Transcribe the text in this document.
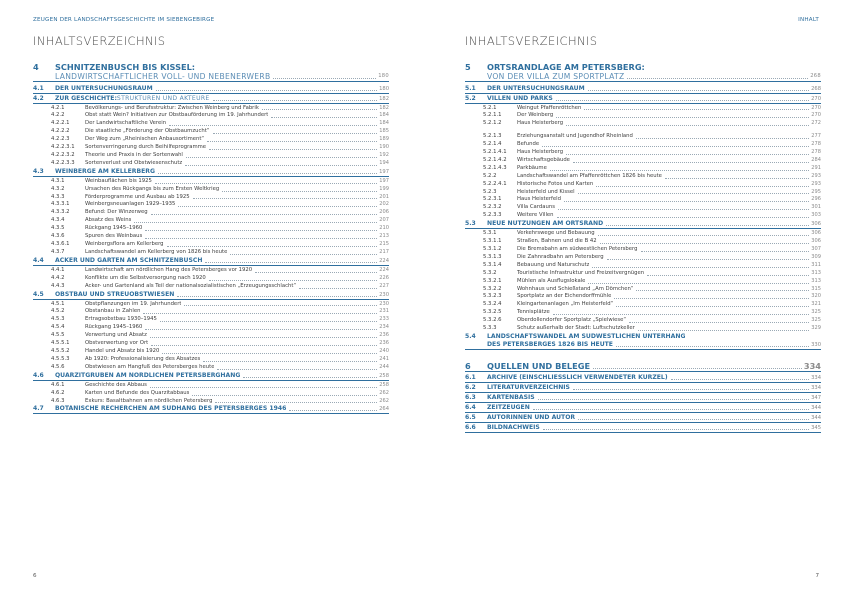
ZEUGEN DER LANDSCHAFTSGESCHICHTE IM SIEBENGEBIRGE	INHALT
INHALTSVERZEICHNIS	INHALTSVERZEICHNIS
4	SCHNITZENBUSCH BIS KISSEL:
LANDWIRTSCHAFTLICHER VOLL- UND NEBENERWERB	180
4.1	DER UNTERSUCHUNGSRAUM	180
4.2	ZUR GESCHICHTE: STRUKTUREN UND AKTEURE	182
4.2.1	Bevölkerungs- und Berufsstruktur: Zwischen Weinberg und Fabrik	182
4.2.2	Obst statt Wein? Initiativen zur Obstbauförderung im 19. Jahrhundert	184
4.2.2.1	Der Landwirtschaftliche Verein	184
4.2.2.2	Die staatliche „Förderung der Obstbaumzucht“	185
4.2.2.3	Der Weg zum „Rheinischen Anbausortiment“	189
4.2.2.3.1	Sortenverringerung durch Beihilfeprogramme	190
4.2.2.3.2	Theorie und Praxis in der Sortenwahl	192
4.2.2.3.3	Sortenverlust und Obstwiesenschutz	194
4.3	WEINBERGE AM KELLERBERG	197
4.3.1	Weinbauflächen bis 1925	197
4.3.2	Ursachen des Rückgangs bis zum Ersten Weltkrieg	199
4.3.3	Förderprogramme und Ausbau ab 1925	201
4.3.3.1	Weinbergsneuanlagen 1929–1935	202
4.3.3.2	Befund: Der Winzerweg	206
4.3.4	Absatz des Weins	207
4.3.5	Rückgang 1945–1960	210
4.3.6	Spuren des Weinbaus	213
4.3.6.1	Weinbergsflora am Kellerberg	215
4.3.7	Landschaftswandel am Kellerberg von 1826 bis heute	217
4.4	ÄCKER UND GÄRTEN AM SCHNITZENBUSCH	224
4.4.1	Landwirtschaft am nördlichen Hang des Petersberges vor 1920	224
4.4.2	Konflikte um die Selbstversorgung nach 1920	226
4.4.3	Acker- und Gartenland als Teil der nationalsozialistischen „Erzeugungsschlacht“	227
4.5	OBSTBAU UND STREUOBSTWIESEN	230
4.5.1	Obstpflanzungen im 19. Jahrhundert	230
4.5.2	Obstanbau in Zahlen	231
4.5.3	Ertragsobstbau 1930–1945	233
4.5.4	Rückgang 1945–1960	234
4.5.5	Verwertung und Absatz	236
4.5.5.1	Obstverwertung vor Ort	236
4.5.5.2	Handel und Absatz bis 1920	240
4.5.5.3	Ab 1920: Professionalisierung des Absatzes	241
4.5.6	Obstwiesen am Hangfuß des Petersberges heute	244
4.6	QUARZITGRUBEN AM NÖRDLICHEN PETERSBERGHANG	258
4.6.1	Geschichte des Abbaus	258
4.6.2	Karten und Befunde des Quarzitabbaus	262
4.6.3	Exkurs: Basaltbahnen am nördlichen Petersberg	262
4.7	BOTANISCHE RECHERCHEN AM SÜDHANG DES PETERSBERGES 1946	264
5	ORTSRANDLAGE AM PETERSBERG:
VON DER VILLA ZUM SPORTPLATZ	268
5.1	DER UNTERSUCHUNGSRAUM	268
5.2	VILLEN UND PARKS	270
5.2.1	Weingut Pfaffenröttchen	270
5.2.1.1	Der Weinberg	270
5.2.1.2	Haus Heisterberg	272
5.2.1.3	Erziehungsanstalt und Jugendhof Rheinland	277
5.2.1.4	Befunde	278
5.2.1.4.1	Haus Heisterberg	278
5.2.1.4.2	Wirtschaftsgebäude	284
5.2.1.4.3	Parkbäume	291
5.2.2	Landschaftswandel am Pfaffenröttchen 1826 bis heute	293
5.2.2.4.1	Historische Fotos und Karten	293
5.2.3	Heisterfeld und Kissel	295
5.2.3.1	Haus Heisterfeld	296
5.2.3.2	Villa Cardauns	301
5.2.3.3	Weitere Villen	303
5.3	NEUE NUTZUNGEN AM ORTSRAND	306
5.3.1	Verkehrswege und Bebauung	306
5.3.1.1	Straßen, Bahnen und die B 42	306
5.3.1.2	Die Bremsbahn am südwestlichen Petersberg	307
5.3.1.3	Die Zahnradbahn am Petersberg	309
5.3.1.4	Bebauung und Naturschutz	311
5.3.2	Touristische Infrastruktur und Freizeitvergnügen	313
5.3.2.1	Mühlen als Ausflugslokale	313
5.3.2.2	Wohnhaus und Schießstand „Am Dömchen“	315
5.3.2.3	Sportplatz an der Eichendorffmühle	320
5.3.2.4	Kleingartenanlagen „Im Heisterfeld“	321
5.3.2.5	Tennisplätze	325
5.3.2.6	Oberdollendorfer Sportplatz „Spielwiese“	325
5.3.3	Schutz außerhalb der Stadt: Luftschutzkeller	329
5.4	LANDSCHAFTSWANDEL AM SÜDWESTLICHEN UNTERHANG
DES PETERSBERGES 1826 BIS HEUTE	330
6	QUELLEN UND BELEGE	334
6.1	ARCHIVE (EINSCHLIESSLICH VERWENDETER KÜRZEL)	334
6.2	LITERATURVERZEICHNIS	334
6.3	KARTENBASIS	347
6.4	ZEITZEUGEN	344
6.5	AUTORINNEN UND AUTOR	344
6.6	BILDNACHWEIS	345
6	7
